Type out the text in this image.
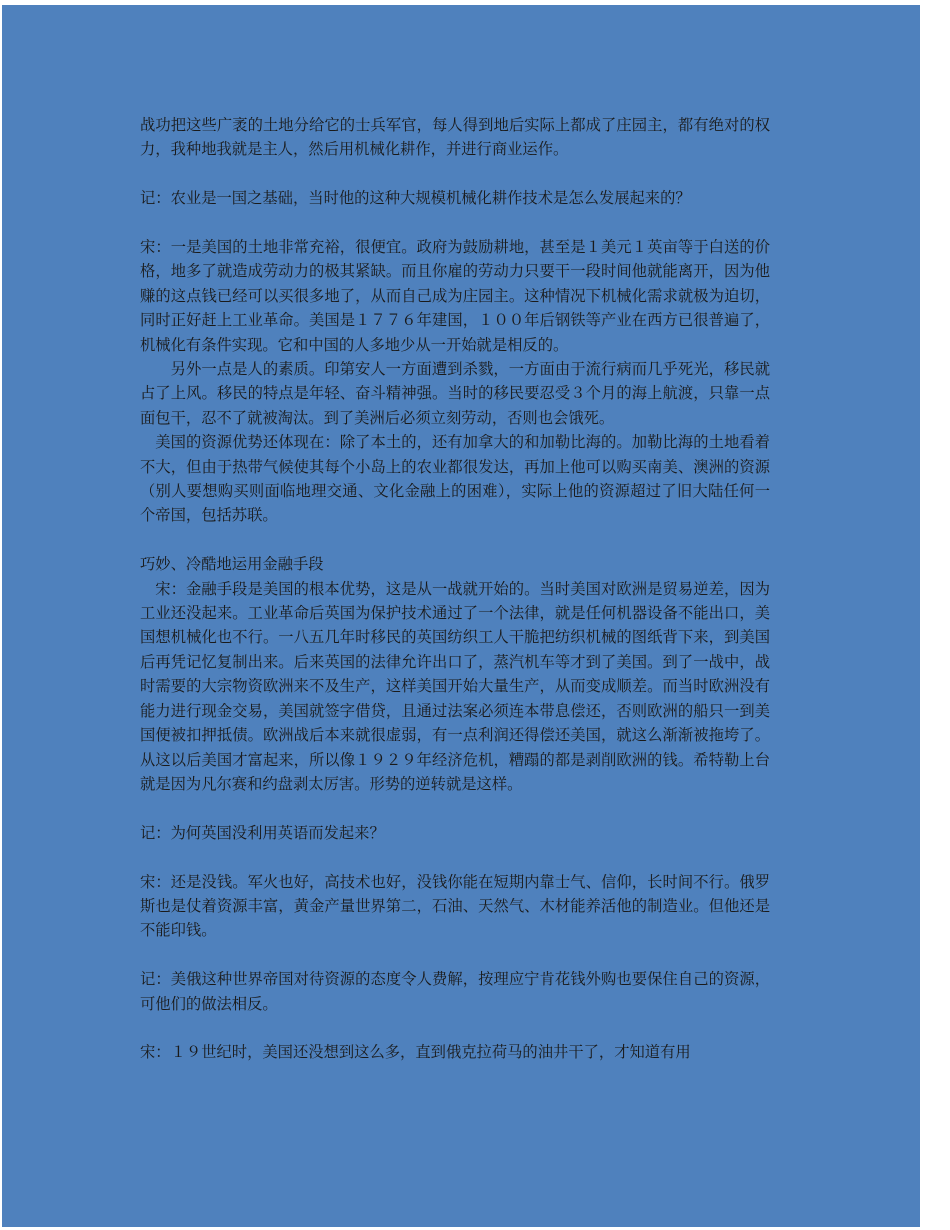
战功把这些广袤的土地分给它的士兵军官，每人得到地后实际上都成了庄园主，都有绝对的权力，我种地我就是主人，然后用机械化耕作，并进行商业运作。

记：农业是一国之基础，当时他的这种大规模机械化耕作技术是怎么发展起来的？

宋：一是美国的土地非常充裕，很便宜。政府为鼓励耕地，甚至是１美元１英亩等于白送的价格，地多了就造成劳动力的极其紧缺。而且你雇的劳动力只要干一段时间他就能离开，因为他赚的这点钱已经可以买很多地了，从而自己成为庄园主。这种情况下机械化需求就极为迫切，同时正好赶上工业革命。美国是１７７６年建国，１００年后钢铁等产业在西方已很普遍了，机械化有条件实现。它和中国的人多地少从一开始就是相反的。

另外一点是人的素质。印第安人一方面遭到杀戮，一方面由于流行病而几乎死光，移民就占了上风。移民的特点是年轻、奋斗精神强。当时的移民要忍受３个月的海上航渡，只靠一点面包干，忍不了就被淘汰。到了美洲后必须立刻劳动，否则也会饿死。

美国的资源优势还体现在：除了本土的，还有加拿大的和加勒比海的。加勒比海的土地看着不大，但由于热带气候使其每个小岛上的农业都很发达，再加上他可以购买南美、澳洲的资源（别人要想购买则面临地理交通、文化金融上的困难），实际上他的资源超过了旧大陆任何一个帝国，包括苏联。

巧妙、冷酷地运用金融手段

宋：金融手段是美国的根本优势，这是从一战就开始的。当时美国对欧洲是贸易逆差，因为工业还没起来。工业革命后英国为保护技术通过了一个法律，就是任何机器设备不能出口，美国想机械化也不行。一八五几年时移民的英国纺织工人干脆把纺织机械的图纸背下来，到美国后再凭记忆复制出来。后来英国的法律允许出口了，蒸汽机车等才到了美国。到了一战中，战时需要的大宗物资欧洲来不及生产，这样美国开始大量生产，从而变成顺差。而当时欧洲没有能力进行现金交易，美国就签字借贷，且通过法案必须连本带息偿还，否则欧洲的船只一到美国便被扣押抵债。欧洲战后本来就很虚弱，有一点利润还得偿还美国，就这么渐渐被拖垮了。从这以后美国才富起来，所以像１９２９年经济危机，糟蹋的都是剥削欧洲的钱。希特勒上台就是因为凡尔赛和约盘剥太厉害。形势的逆转就是这样。

记：为何英国没利用英语而发起来？

宋：还是没钱。军火也好，高技术也好，没钱你能在短期内靠士气、信仰，长时间不行。俄罗斯也是仗着资源丰富，黄金产量世界第二，石油、天然气、木材能养活他的制造业。但他还是不能印钱。

记：美俄这种世界帝国对待资源的态度令人费解，按理应宁肯花钱外购也要保住自己的资源，可他们的做法相反。

宋：１９世纪时，美国还没想到这么多，直到俄克拉荷马的油井干了，才知道有用
